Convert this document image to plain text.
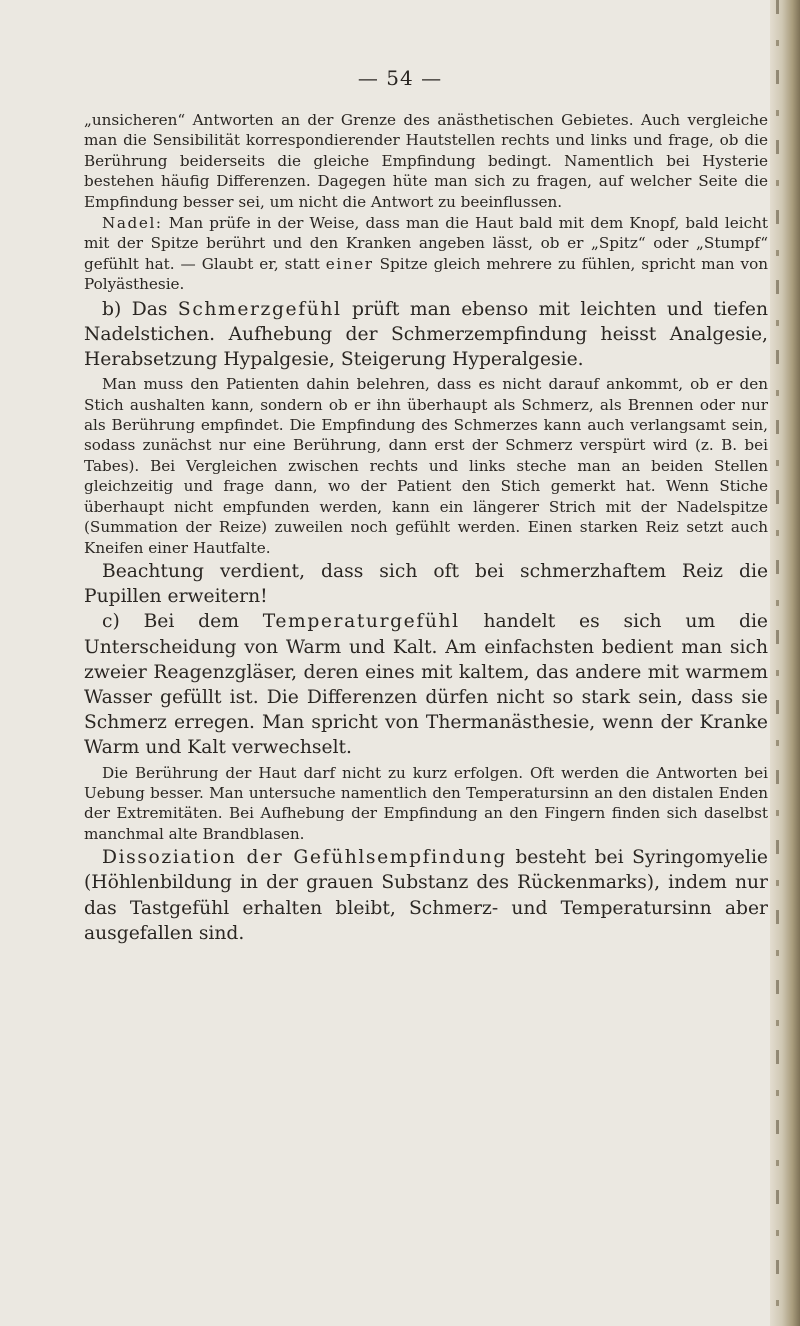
— 54 —

„unsicheren“ Antworten an der Grenze des anästhetischen Gebietes. Auch vergleiche man die Sensibilität korrespondierender Hautstellen rechts und links und frage, ob die Berührung beiderseits die gleiche Empfindung bedingt. Namentlich bei Hysterie bestehen häufig Differenzen. Dagegen hüte man sich zu fragen, auf welcher Seite die Empfindung besser sei, um nicht die Antwort zu beeinflussen.

Nadel: Man prüfe in der Weise, dass man die Haut bald mit dem Knopf, bald leicht mit der Spitze berührt und den Kranken angeben lässt, ob er „Spitz“ oder „Stumpf“ gefühlt hat. — Glaubt er, statt einer Spitze gleich mehrere zu fühlen, spricht man von Polyästhesie.

b) Das Schmerzgefühl prüft man ebenso mit leichten und tiefen Nadelstichen. Aufhebung der Schmerzempfindung heisst Analgesie, Herabsetzung Hypalgesie, Steigerung Hyperalgesie.

Man muss den Patienten dahin belehren, dass es nicht darauf ankommt, ob er den Stich aushalten kann, sondern ob er ihn überhaupt als Schmerz, als Brennen oder nur als Berührung empfindet. Die Empfindung des Schmerzes kann auch verlangsamt sein, sodass zunächst nur eine Berührung, dann erst der Schmerz verspürt wird (z. B. bei Tabes). Bei Vergleichen zwischen rechts und links steche man an beiden Stellen gleichzeitig und frage dann, wo der Patient den Stich gemerkt hat. Wenn Stiche überhaupt nicht empfunden werden, kann ein längerer Strich mit der Nadelspitze (Summation der Reize) zuweilen noch gefühlt werden. Einen starken Reiz setzt auch Kneifen einer Hautfalte.

Beachtung verdient, dass sich oft bei schmerzhaftem Reiz die Pupillen erweitern!

c) Bei dem Temperaturgefühl handelt es sich um die Unterscheidung von Warm und Kalt. Am einfachsten bedient man sich zweier Reagenzgläser, deren eines mit kaltem, das andere mit warmem Wasser gefüllt ist. Die Differenzen dürfen nicht so stark sein, dass sie Schmerz erregen. Man spricht von Thermanästhesie, wenn der Kranke Warm und Kalt verwechselt.

Die Berührung der Haut darf nicht zu kurz erfolgen. Oft werden die Antworten bei Uebung besser. Man untersuche namentlich den Temperatursinn an den distalen Enden der Extremitäten. Bei Aufhebung der Empfindung an den Fingern finden sich daselbst manchmal alte Brandblasen.

Dissoziation der Gefühlsempfindung besteht bei Syringomyelie (Höhlenbildung in der grauen Substanz des Rückenmarks), indem nur das Tastgefühl erhalten bleibt, Schmerz- und Temperatursinn aber ausgefallen sind.
